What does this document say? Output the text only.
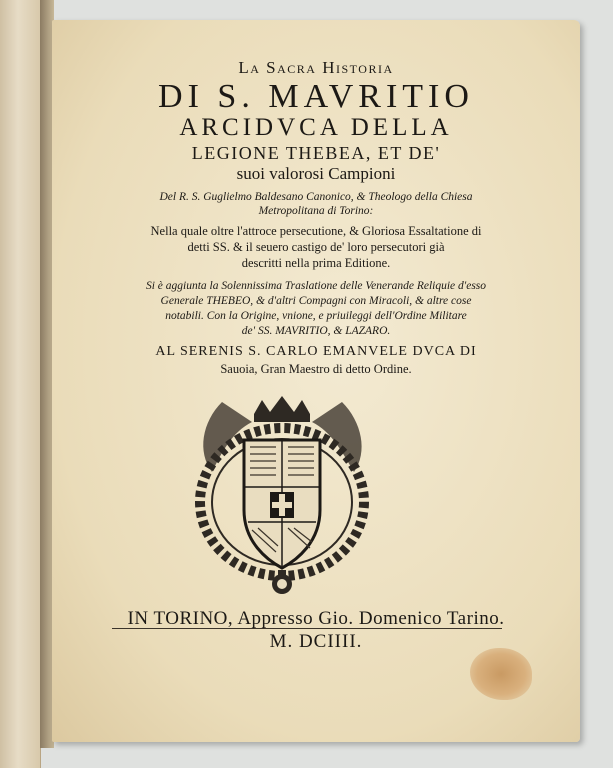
La Sacra Historia
DI S. MAVRITIO
ARCIDVCA DELLA
LEGIONE THEBEA, ET DE'
suoi valorosi Campioni
Del R. S. Guglielmo Baldesano Canonico, & Theologo della Chiesa
Metropolitana di Torino:
Nella quale oltre l'attroce persecutione, & Gloriosa Essaltatione di
detti SS. & il seuero castigo de' loro persecutori già
descritti nella prima Editione.
Si è aggiunta la Solennissima Traslatione delle Venerande Reliquie d'esso
Generale THEBEO, & d'altri Compagni con Miracoli, & altre cose
notabili. Con la Origine, vnione, e priuileggi dell'Ordine Militare
de' SS. MAVRITIO, & LAZARO.
AL SERENIS S. CARLO EMANVELE DVCA DI
Sauoia, Gran Maestro di detto Ordine.
IN TORINO, Appresso Gio. Domenico Tarino.
M. DCIIII.
